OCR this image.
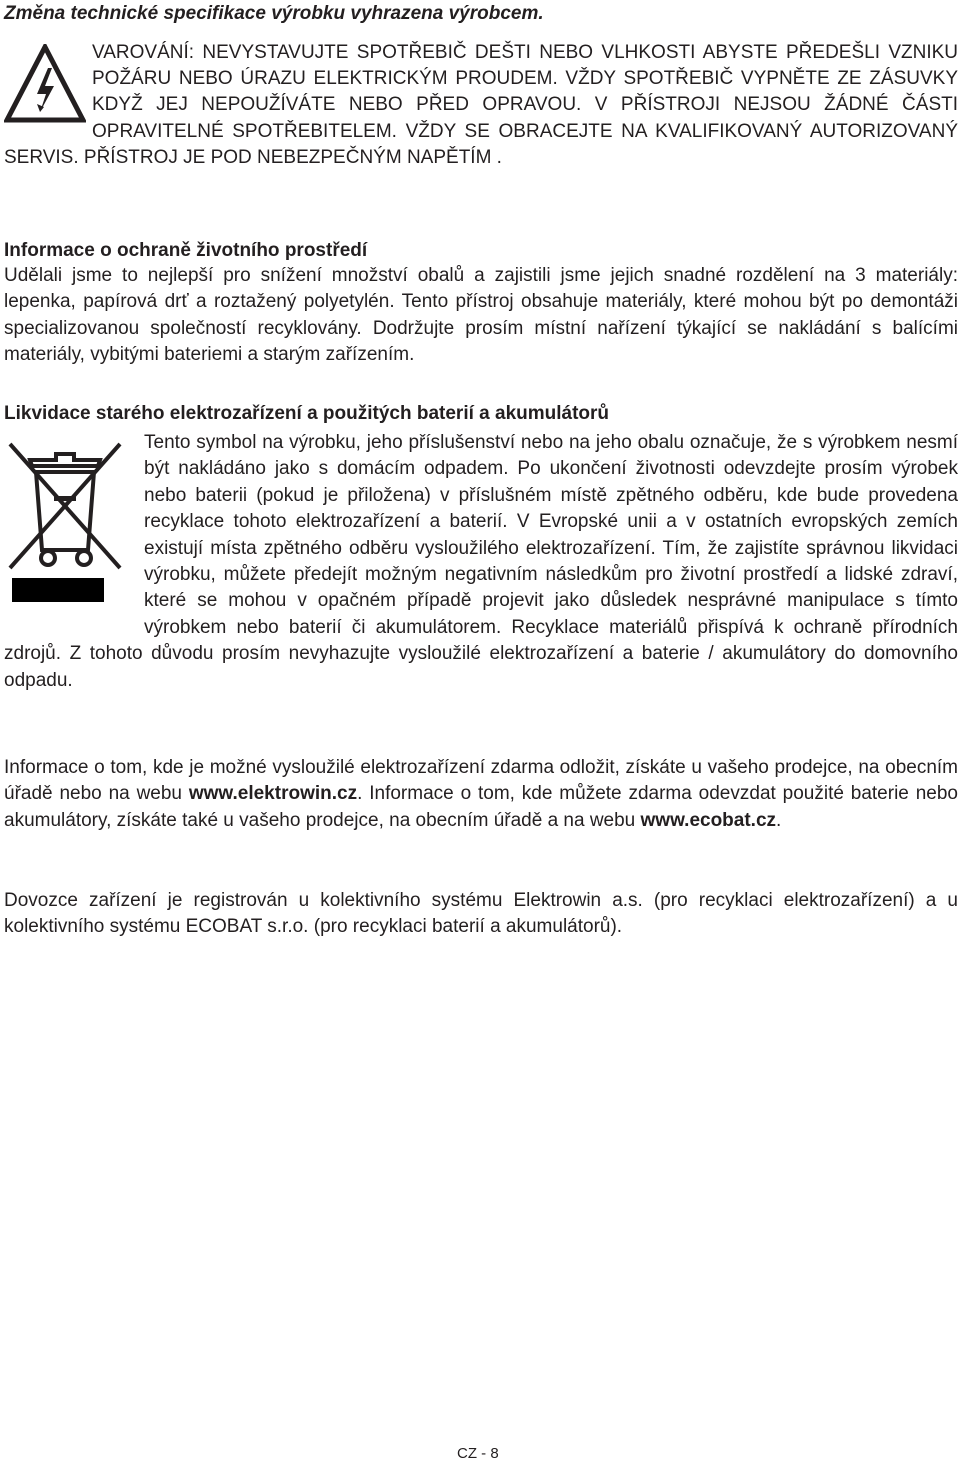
Změna technické specifikace výrobku vyhrazena výrobcem.
VAROVÁNÍ: NEVYSTAVUJTE SPOTŘEBIČ DEŠTI NEBO VLHKOSTI ABYSTE PŘEDEŠLI VZNIKU POŽÁRU NEBO ÚRAZU ELEKTRICKÝM PROUDEM. VŽDY SPOTŘEBIČ VYPNĚTE ZE ZÁSUVKY KDYŽ JEJ NEPOUŽÍVÁTE NEBO PŘED OPRAVOU. V PŘÍSTROJI NEJSOU ŽÁDNÉ ČÁSTI OPRAVITELNÉ SPOTŘEBITELEM. VŽDY SE OBRACEJTE NA KVALIFIKOVANÝ AUTORIZOVANÝ SERVIS. PŘÍSTROJ JE POD NEBEZPEČNÝM NAPĚTÍM .
Informace o ochraně životního prostředí
Udělali jsme to nejlepší pro snížení množství obalů a zajistili jsme jejich snadné rozdělení na 3 materiály: lepenka, papírová drť a roztažený polyetylén. Tento přístroj obsahuje materiály, které mohou být po demontáži specializovanou společností recyklovány. Dodržujte prosím místní nařízení týkající se nakládání s balícími materiály, vybitými bateriemi a starým zařízením.
Likvidace starého elektrozařízení a použitých baterií a akumulátorů
Tento symbol na výrobku, jeho příslušenství nebo na jeho obalu označuje, že s výrobkem nesmí být nakládáno jako s domácím odpadem. Po ukončení životnosti odevzdejte prosím výrobek nebo baterii (pokud je přiložena) v příslušném místě zpětného odběru, kde bude provedena recyklace tohoto elektrozařízení a baterií. V Evropské unii a v ostatních evropských zemích existují místa zpětného odběru vysloužilého elektrozařízení. Tím, že zajistíte správnou likvidaci výrobku, můžete předejít možným negativním následkům pro životní prostředí a lidské zdraví, které se mohou v opačném případě projevit jako důsledek nesprávné manipulace s tímto výrobkem nebo baterií či akumulátorem. Recyklace materiálů přispívá k ochraně přírodních zdrojů. Z tohoto důvodu prosím nevyhazujte vysloužilé elektrozařízení a baterie / akumulátory do domovního odpadu.
Informace o tom, kde je možné vysloužilé elektrozařízení zdarma odložit, získáte u vašeho prodejce, na obecním úřadě nebo na webu www.elektrowin.cz. Informace o tom, kde můžete zdarma odevzdat použité baterie nebo akumulátory, získáte také u vašeho prodejce, na obecním úřadě a na webu www.ecobat.cz.
Dovozce zařízení je registrován u kolektivního systému Elektrowin a.s. (pro recyklaci elektrozařízení) a u kolektivního systému ECOBAT s.r.o. (pro recyklaci baterií a akumulátorů).
CZ - 8
